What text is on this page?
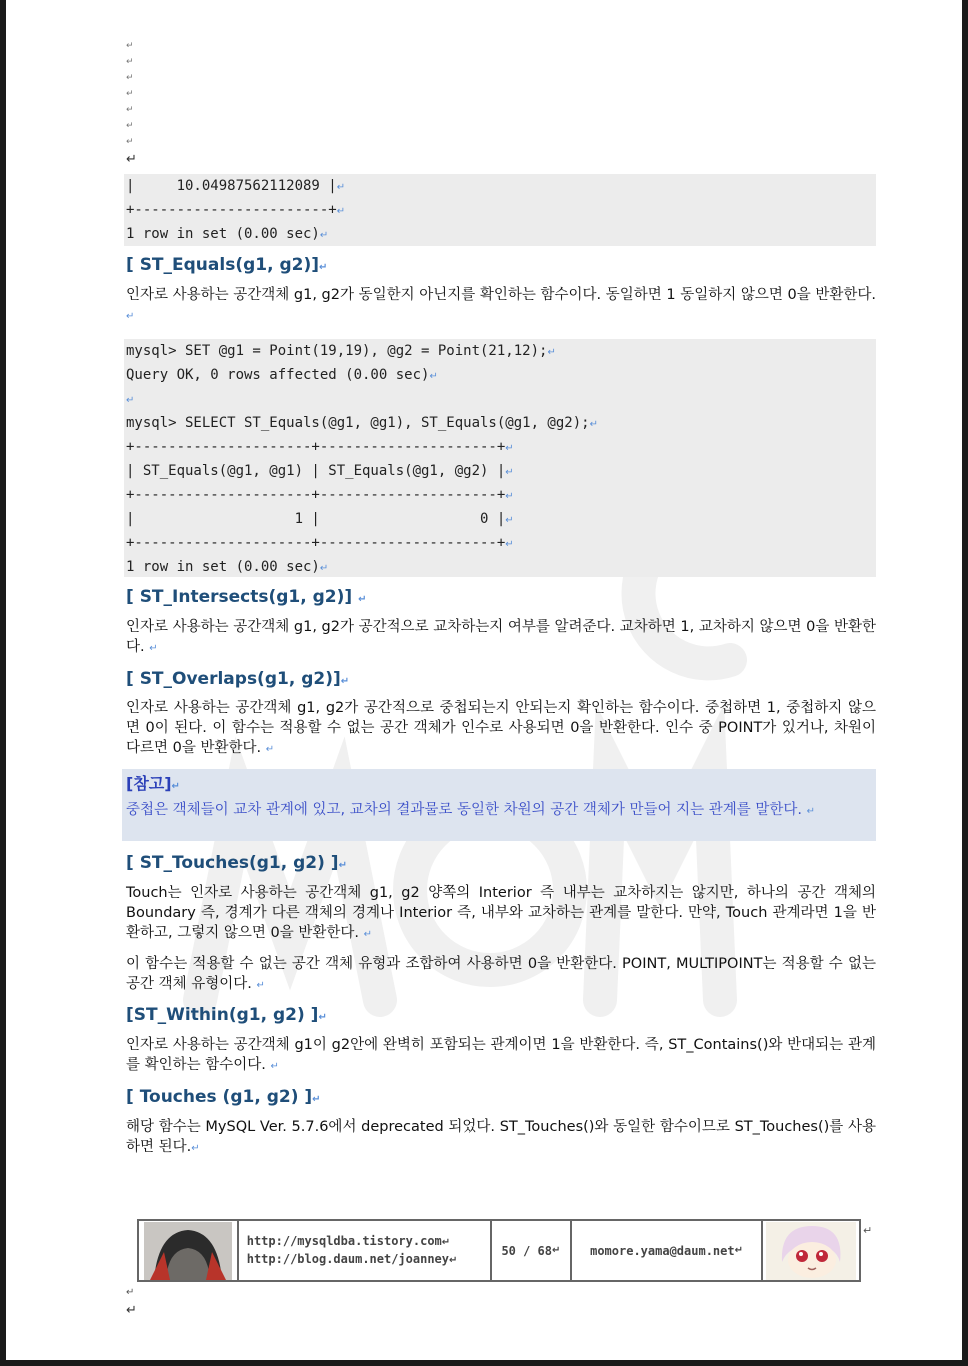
↵
↵
↵
↵
↵
↵
↵
↵
|     10.04987562112089 |↵
+-----------------------+↵
1 row in set (0.00 sec)↵
[ ST_Equals(g1, g2)]↵
인자로 사용하는 공간객체 g1, g2가 동일한지 아닌지를 확인하는 함수이다. 동일하면 1 동일하지 않으면 0을 반환한다. ↵
mysql> SET @g1 = Point(19,19), @g2 = Point(21,12);↵
Query OK, 0 rows affected (0.00 sec)↵
↵
mysql> SELECT ST_Equals(@g1, @g1), ST_Equals(@g1, @g2);↵
+---------------------+---------------------+↵
| ST_Equals(@g1, @g1) | ST_Equals(@g1, @g2) |↵
+---------------------+---------------------+↵
|                   1 |                   0 |↵
+---------------------+---------------------+↵
1 row in set (0.00 sec)↵
[ ST_Intersects(g1, g2)] ↵
인자로 사용하는 공간객체 g1, g2가 공간적으로 교차하는지 여부를 알려준다. 교차하면 1, 교차하지 않으면 0을 반환한다. ↵
[ ST_Overlaps(g1, g2)]↵
인자로 사용하는 공간객체 g1, g2가 공간적으로 중첩되는지 안되는지 확인하는 함수이다. 중첩하면 1, 중첩하지 않으면 0이 된다. 이 함수는 적용할 수 없는 공간 객체가 인수로 사용되면 0을 반환한다. 인수 중 POINT가 있거나, 차원이 다르면 0을 반환한다. ↵
[참고]↵
중첩은 객체들이 교차 관계에 있고, 교차의 결과물로 동일한 차원의 공간 객체가 만들어 지는 관계를 말한다. ↵
[ ST_Touches(g1, g2) ]↵
Touch는 인자로 사용하는 공간객체 g1, g2 양쪽의 Interior 즉 내부는 교차하지는 않지만, 하나의 공간 객체의 Boundary 즉, 경계가 다른 객체의 경계나 Interior 즉, 내부와 교차하는 관계를 말한다. 만약, Touch 관계라면 1을 반환하고, 그렇지 않으면 0을 반환한다. ↵
이 함수는 적용할 수 없는 공간 객체 유형과 조합하여 사용하면 0을 반환한다. POINT, MULTIPOINT는 적용할 수 없는 공간 객체 유형이다. ↵
[ST_Within(g1, g2) ]↵
인자로 사용하는 공간객체 g1이 g2안에 완벽히 포함되는 관계이면 1을 반환한다. 즉, ST_Contains()와 반대되는 관계를 확인하는 함수이다. ↵
[ Touches (g1, g2) ]↵
해당 함수는 MySQL Ver. 5.7.6에서 deprecated 되었다. ST_Touches()와 동일한 함수이므로 ST_Touches()를 사용하면 된다.↵
http://mysqldba.tistory.com↵
http://blog.daum.net/joanney↵
50 / 68 ↵ momore.yama@daum.net ↵
↵
↵
↵
